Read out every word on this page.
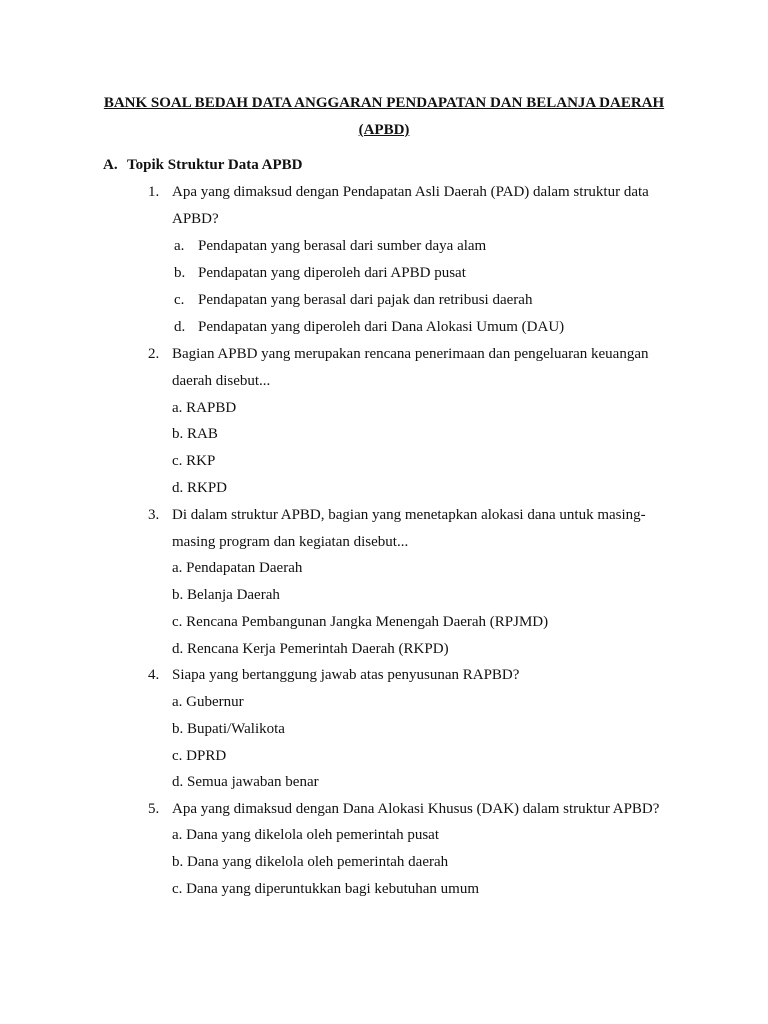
BANK SOAL BEDAH DATA ANGGARAN PENDAPATAN DAN BELANJA DAERAH
(APBD)
A. Topik Struktur Data APBD
1. Apa yang dimaksud dengan Pendapatan Asli Daerah (PAD) dalam struktur data
APBD?
a. Pendapatan yang berasal dari sumber daya alam
b. Pendapatan yang diperoleh dari APBD pusat
c. Pendapatan yang berasal dari pajak dan retribusi daerah
d. Pendapatan yang diperoleh dari Dana Alokasi Umum (DAU)
2. Bagian APBD yang merupakan rencana penerimaan dan pengeluaran keuangan
daerah disebut...
a. RAPBD
b. RAB
c. RKP
d. RKPD
3. Di dalam struktur APBD, bagian yang menetapkan alokasi dana untuk masing-
masing program dan kegiatan disebut...
a. Pendapatan Daerah
b. Belanja Daerah
c. Rencana Pembangunan Jangka Menengah Daerah (RPJMD)
d. Rencana Kerja Pemerintah Daerah (RKPD)
4. Siapa yang bertanggung jawab atas penyusunan RAPBD?
a. Gubernur
b. Bupati/Walikota
c. DPRD
d. Semua jawaban benar
5. Apa yang dimaksud dengan Dana Alokasi Khusus (DAK) dalam struktur APBD?
a. Dana yang dikelola oleh pemerintah pusat
b. Dana yang dikelola oleh pemerintah daerah
c. Dana yang diperuntukkan bagi kebutuhan umum
